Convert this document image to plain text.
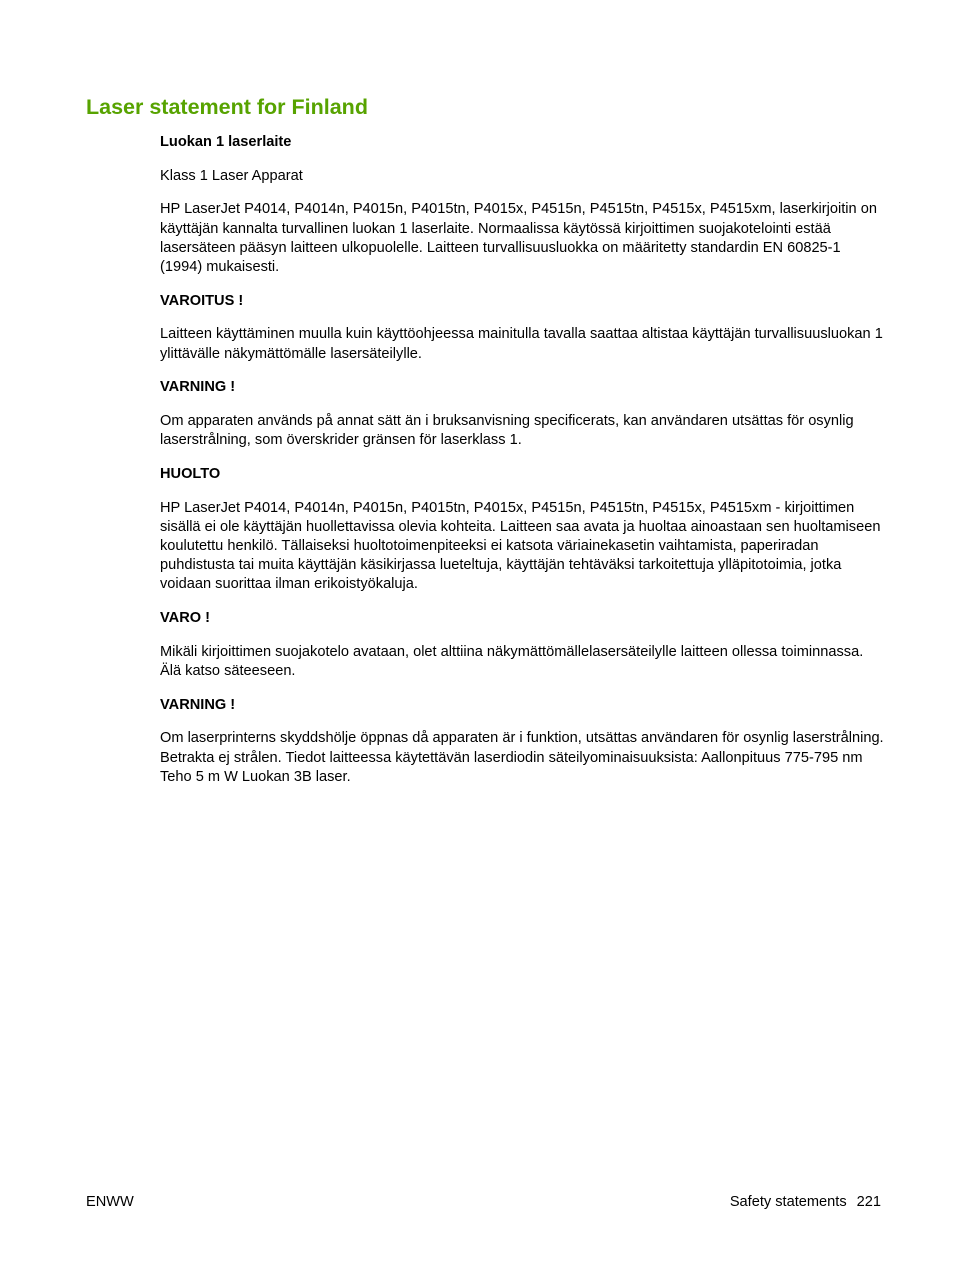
Laser statement for Finland

Luokan 1 laserlaite

Klass 1 Laser Apparat

HP LaserJet P4014, P4014n, P4015n, P4015tn, P4015x, P4515n, P4515tn, P4515x, P4515xm, laserkirjoitin on käyttäjän kannalta turvallinen luokan 1 laserlaite. Normaalissa käytössä kirjoittimen suojakotelointi estää lasersäteen pääsyn laitteen ulkopuolelle. Laitteen turvallisuusluokka on määritetty standardin EN 60825-1 (1994) mukaisesti.

VAROITUS !

Laitteen käyttäminen muulla kuin käyttöohjeessa mainitulla tavalla saattaa altistaa käyttäjän turvallisuusluokan 1 ylittävälle näkymättömälle lasersäteilylle.

VARNING !

Om apparaten används på annat sätt än i bruksanvisning specificerats, kan användaren utsättas för osynlig laserstrålning, som överskrider gränsen för laserklass 1.

HUOLTO

HP LaserJet P4014, P4014n, P4015n, P4015tn, P4015x, P4515n, P4515tn, P4515x, P4515xm - kirjoittimen sisällä ei ole käyttäjän huollettavissa olevia kohteita. Laitteen saa avata ja huoltaa ainoastaan sen huoltamiseen koulutettu henkilö. Tällaiseksi huoltotoimenpiteeksi ei katsota väriainekasetin vaihtamista, paperiradan puhdistusta tai muita käyttäjän käsikirjassa lueteltuja, käyttäjän tehtäväksi tarkoitettuja ylläpitotoimia, jotka voidaan suorittaa ilman erikoistyökaluja.

VARO !

Mikäli kirjoittimen suojakotelo avataan, olet alttiina näkymättömällelasersäteilylle laitteen ollessa toiminnassa. Älä katso säteeseen.

VARNING !

Om laserprinterns skyddshölje öppnas då apparaten är i funktion, utsättas användaren för osynlig laserstrålning. Betrakta ej strålen. Tiedot laitteessa käytettävän laserdiodin säteilyominaisuuksista: Aallonpituus 775-795 nm Teho 5 m W Luokan 3B laser.

ENWW	Safety statements 221
